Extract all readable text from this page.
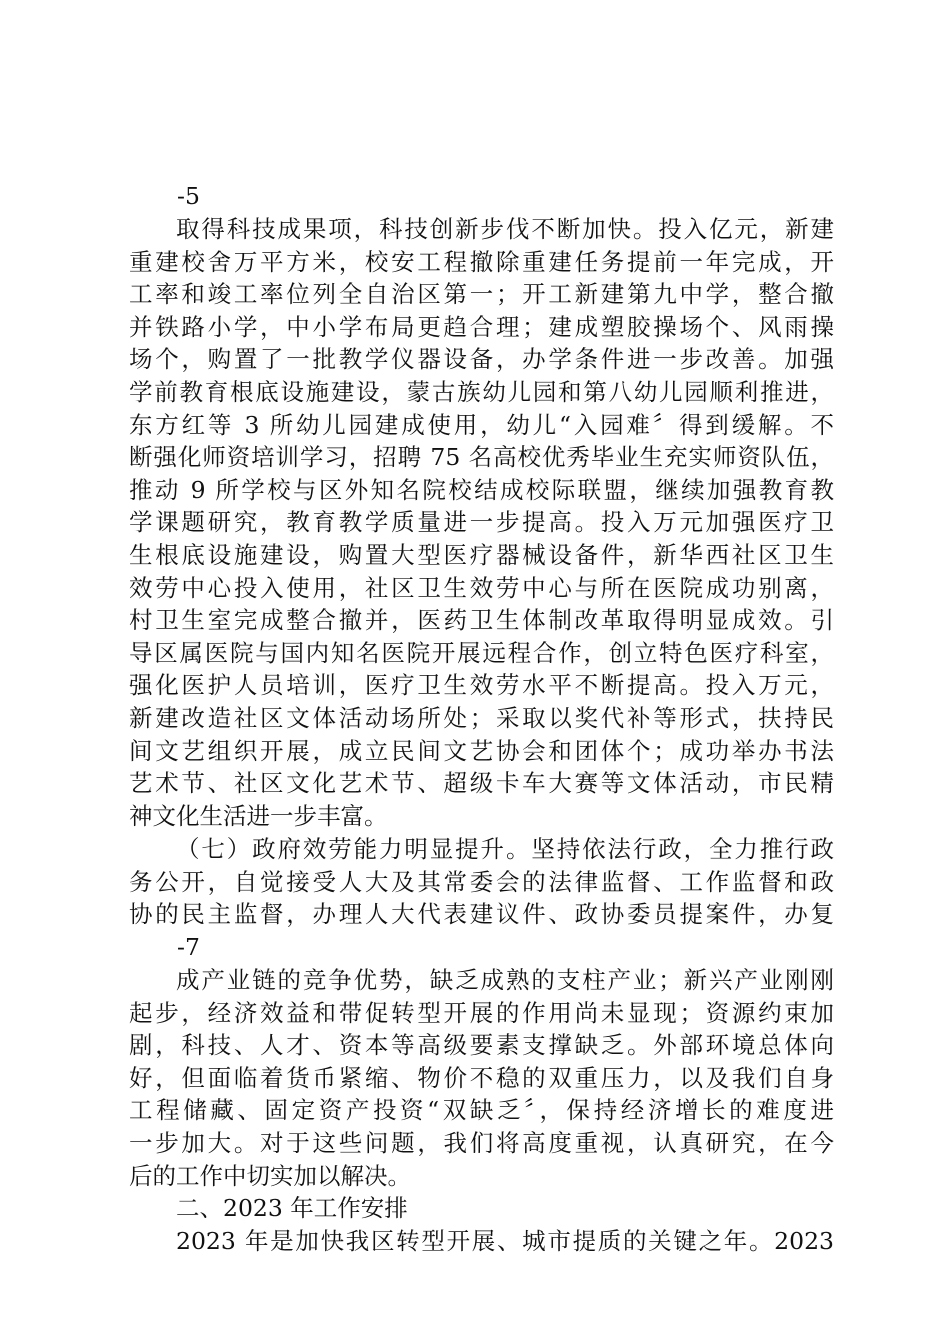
-5

取得科技成果项，科技创新步伐不断加快。投入亿元，新建
重建校舍万平方米，校安工程撤除重建任务提前一年完成，开
工率和竣工率位列全自治区第一；开工新建第九中学，整合撤
并铁路小学，中小学布局更趋合理；建成塑胶操场个、风雨操
场个，购置了一批教学仪器设备，办学条件进一步改善。加强
学前教育根底设施建设，蒙古族幼儿园和第八幼儿园顺利推进，
东方红等 3 所幼儿园建成使用，幼儿“入园难〞得到缓解。不
断强化师资培训学习，招聘 75 名高校优秀毕业生充实师资队伍，
推动 9 所学校与区外知名院校结成校际联盟，继续加强教育教
学课题研究，教育教学质量进一步提高。投入万元加强医疗卫
生根底设施建设，购置大型医疗器械设备件，新华西社区卫生
效劳中心投入使用，社区卫生效劳中心与所在医院成功别离，
村卫生室完成整合撤并，医药卫生体制改革取得明显成效。引
导区属医院与国内知名医院开展远程合作，创立特色医疗科室，
强化医护人员培训，医疗卫生效劳水平不断提高。投入万元，
新建改造社区文体活动场所处；采取以奖代补等形式，扶持民
间文艺组织开展，成立民间文艺协会和团体个；成功举办书法
艺术节、社区文化艺术节、超级卡车大赛等文体活动，市民精
神文化生活进一步丰富。

（七）政府效劳能力明显提升。坚持依法行政，全力推行政
务公开，自觉接受人大及其常委会的法律监督、工作监督和政
协的民主监督，办理人大代表建议件、政协委员提案件，办复

-7

成产业链的竞争优势，缺乏成熟的支柱产业；新兴产业刚刚
起步，经济效益和带促转型开展的作用尚未显现；资源约束加
剧，科技、人才、资本等高级要素支撑缺乏。外部环境总体向
好，但面临着货币紧缩、物价不稳的双重压力，以及我们自身
工程储藏、固定资产投资“双缺乏〞，保持经济增长的难度进
一步加大。对于这些问题，我们将高度重视，认真研究，在今
后的工作中切实加以解决。

二、2023 年工作安排

2023 年是加快我区转型开展、城市提质的关键之年。2023
